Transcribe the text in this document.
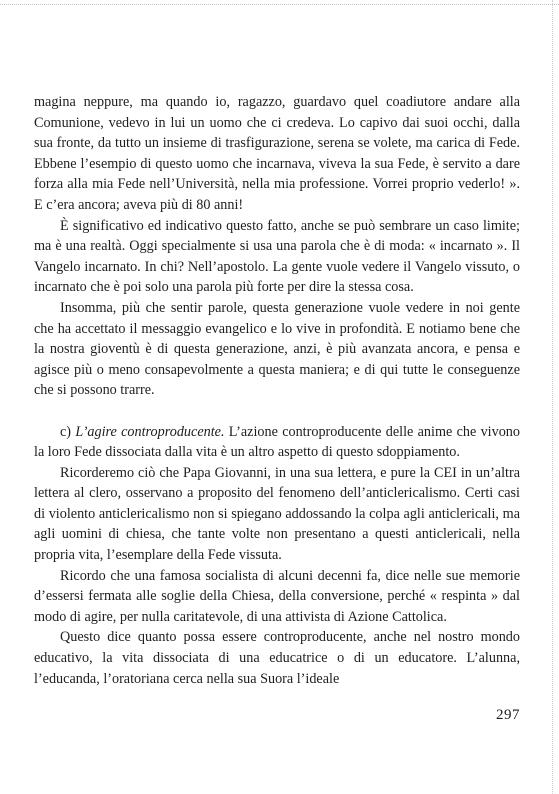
magina neppure, ma quando io, ragazzo, guardavo quel coadiutore andare alla Comunione, vedevo in lui un uomo che ci credeva. Lo capivo dai suoi occhi, dalla sua fronte, da tutto un insieme di trasfigurazione, serena se volete, ma carica di Fede. Ebbene l’esempio di questo uomo che incarnava, viveva la sua Fede, è servito a dare forza alla mia Fede nell’Università, nella mia professione. Vorrei proprio vederlo! ». E c’era ancora; aveva più di 80 anni!

È significativo ed indicativo questo fatto, anche se può sembrare un caso limite; ma è una realtà. Oggi specialmente si usa una parola che è di moda: « incarnato ». Il Vangelo incarnato. In chi? Nell’apostolo. La gente vuole vedere il Vangelo vissuto, o incarnato che è poi solo una parola più forte per dire la stessa cosa.

Insomma, più che sentir parole, questa generazione vuole vedere in noi gente che ha accettato il messaggio evangelico e lo vive in profondità. E notiamo bene che la nostra gioventù è di questa generazione, anzi, è più avanzata ancora, e pensa e agisce più o meno consapevolmente a questa maniera; e di qui tutte le conseguenze che si possono trarre.

c) L’agire controproducente. L’azione controproducente delle anime che vivono la loro Fede dissociata dalla vita è un altro aspetto di questo sdoppiamento.

Ricorderemo ciò che Papa Giovanni, in una sua lettera, e pure la CEI in un’altra lettera al clero, osservano a proposito del fenomeno dell’anticlericalismo. Certi casi di violento anticlericalismo non si spiegano addossando la colpa agli anticlericali, ma agli uomini di chiesa, che tante volte non presentano a questi anticlericali, nella propria vita, l’esemplare della Fede vissuta.

Ricordo che una famosa socialista di alcuni decenni fa, dice nelle sue memorie d’essersi fermata alle soglie della Chiesa, della conversione, perché « respinta » dal modo di agire, per nulla caritatevole, di una attivista di Azione Cattolica.

Questo dice quanto possa essere controproducente, anche nel nostro mondo educativo, la vita dissociata di una educatrice o di un educatore. L’alunna, l’educanda, l’oratoriana cerca nella sua Suora l’ideale

297
